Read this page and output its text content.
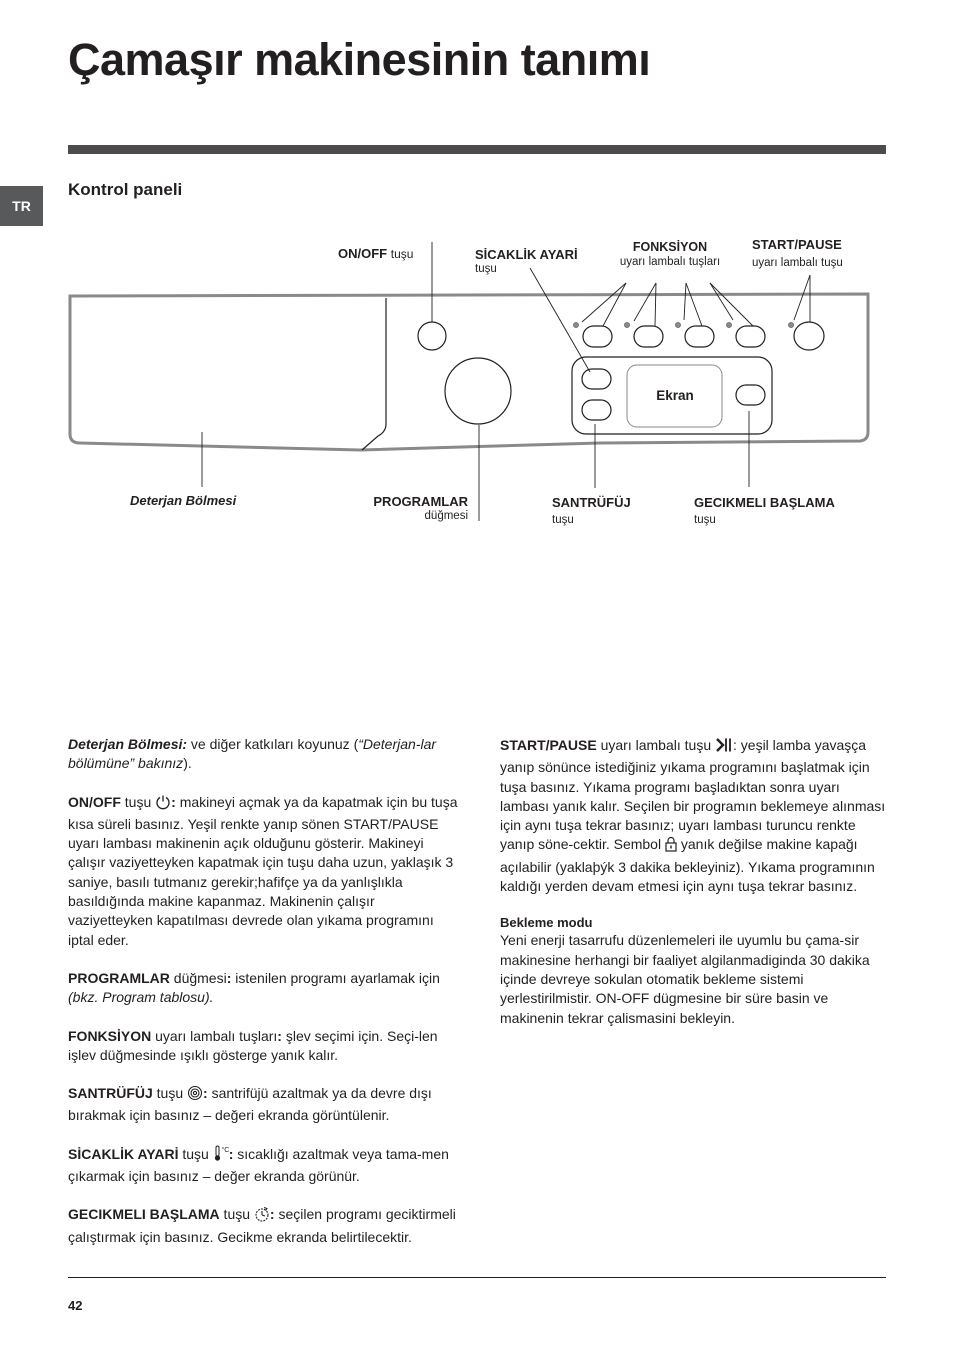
Çamaşır makinesinin tanımı
TR
Kontrol paneli
ON/OFF tuşu	SİCAKLİK AYARİ
tuşu
FONKSİYON
uyarı lambalı tuşları
START/PAUSE
uyarı lambalı tuşu
Ekran
Deterjan Bölmesi	PROGRAMLAR
düğmesi
SANTRÜFÜJ
tuşu
GECIKMELI BAŞLAMA
tuşu

Deterjan Bölmesi: ve diğer katkıları koyunuz (“Deterjan-lar bölümüne” bakınız).

ON/OFF tuşu : makineyi açmak ya da kapatmak için bu tuşa kısa süreli basınız. Yeşil renkte yanıp sönen START/PAUSE uyarı lambası makinenin açık olduğunu gösterir. Makineyi çalışır vaziyetteyken kapatmak için tuşu daha uzun, yaklaşık 3 saniye, basılı tutmanız gerekir;hafifçe ya da yanlışlıkla basıldığında makine kapanmaz. Makinenin çalışır vaziyetteyken kapatılması devrede olan yıkama programını iptal eder.

PROGRAMLAR düğmesi: istenilen programı ayarlamak için (bkz. Program tablosu).

FONKSİYON uyarı lambalı tuşları: şlev seçimi için. Seçi-len işlev düğmesinde ışıklı gösterge yanık kalır.

SANTRÜFÜJ tuşu : santrifüjü azaltmak ya da devre dışı bırakmak için basınız – değeri ekranda görüntülenir.

SİCAKLİK AYARİ tuşu °C : sıcaklığı azaltmak veya tama-men çıkarmak için basınız – değer ekranda görünür.

GECIKMELI BAŞLAMA tuşu : seçilen programı geciktirmeli çalıştırmak için basınız. Gecikme ekranda belirtilecektir.

START/PAUSE uyarı lambalı tuşu : yeşil lamba yavaşça yanıp sönünce istediğiniz yıkama programını başlatmak için tuşa basınız. Yıkama programı başladıktan sonra uyarı lambası yanık kalır. Seçilen bir programın beklemeye alınması için aynı tuşa tekrar basınız; uyarı lambası turuncu renkte yanıp söne-cektir. Sembol  yanık değilse makine kapağı açılabilir (yaklaþýk 3 dakika bekleyiniz). Yıkama programının kaldığı yerden devam etmesi için aynı tuşa tekrar basınız.

Bekleme modu

Yeni enerji tasarrufu düzenlemeleri ile uyumlu bu çama-sir makinesine herhangi bir faaliyet algilanmadiginda 30 dakika içinde devreye sokulan otomatik bekleme sistemi yerlestirilmistir. ON-OFF dügmesine bir süre basin ve makinenin tekrar çalismasini bekleyin.

42
